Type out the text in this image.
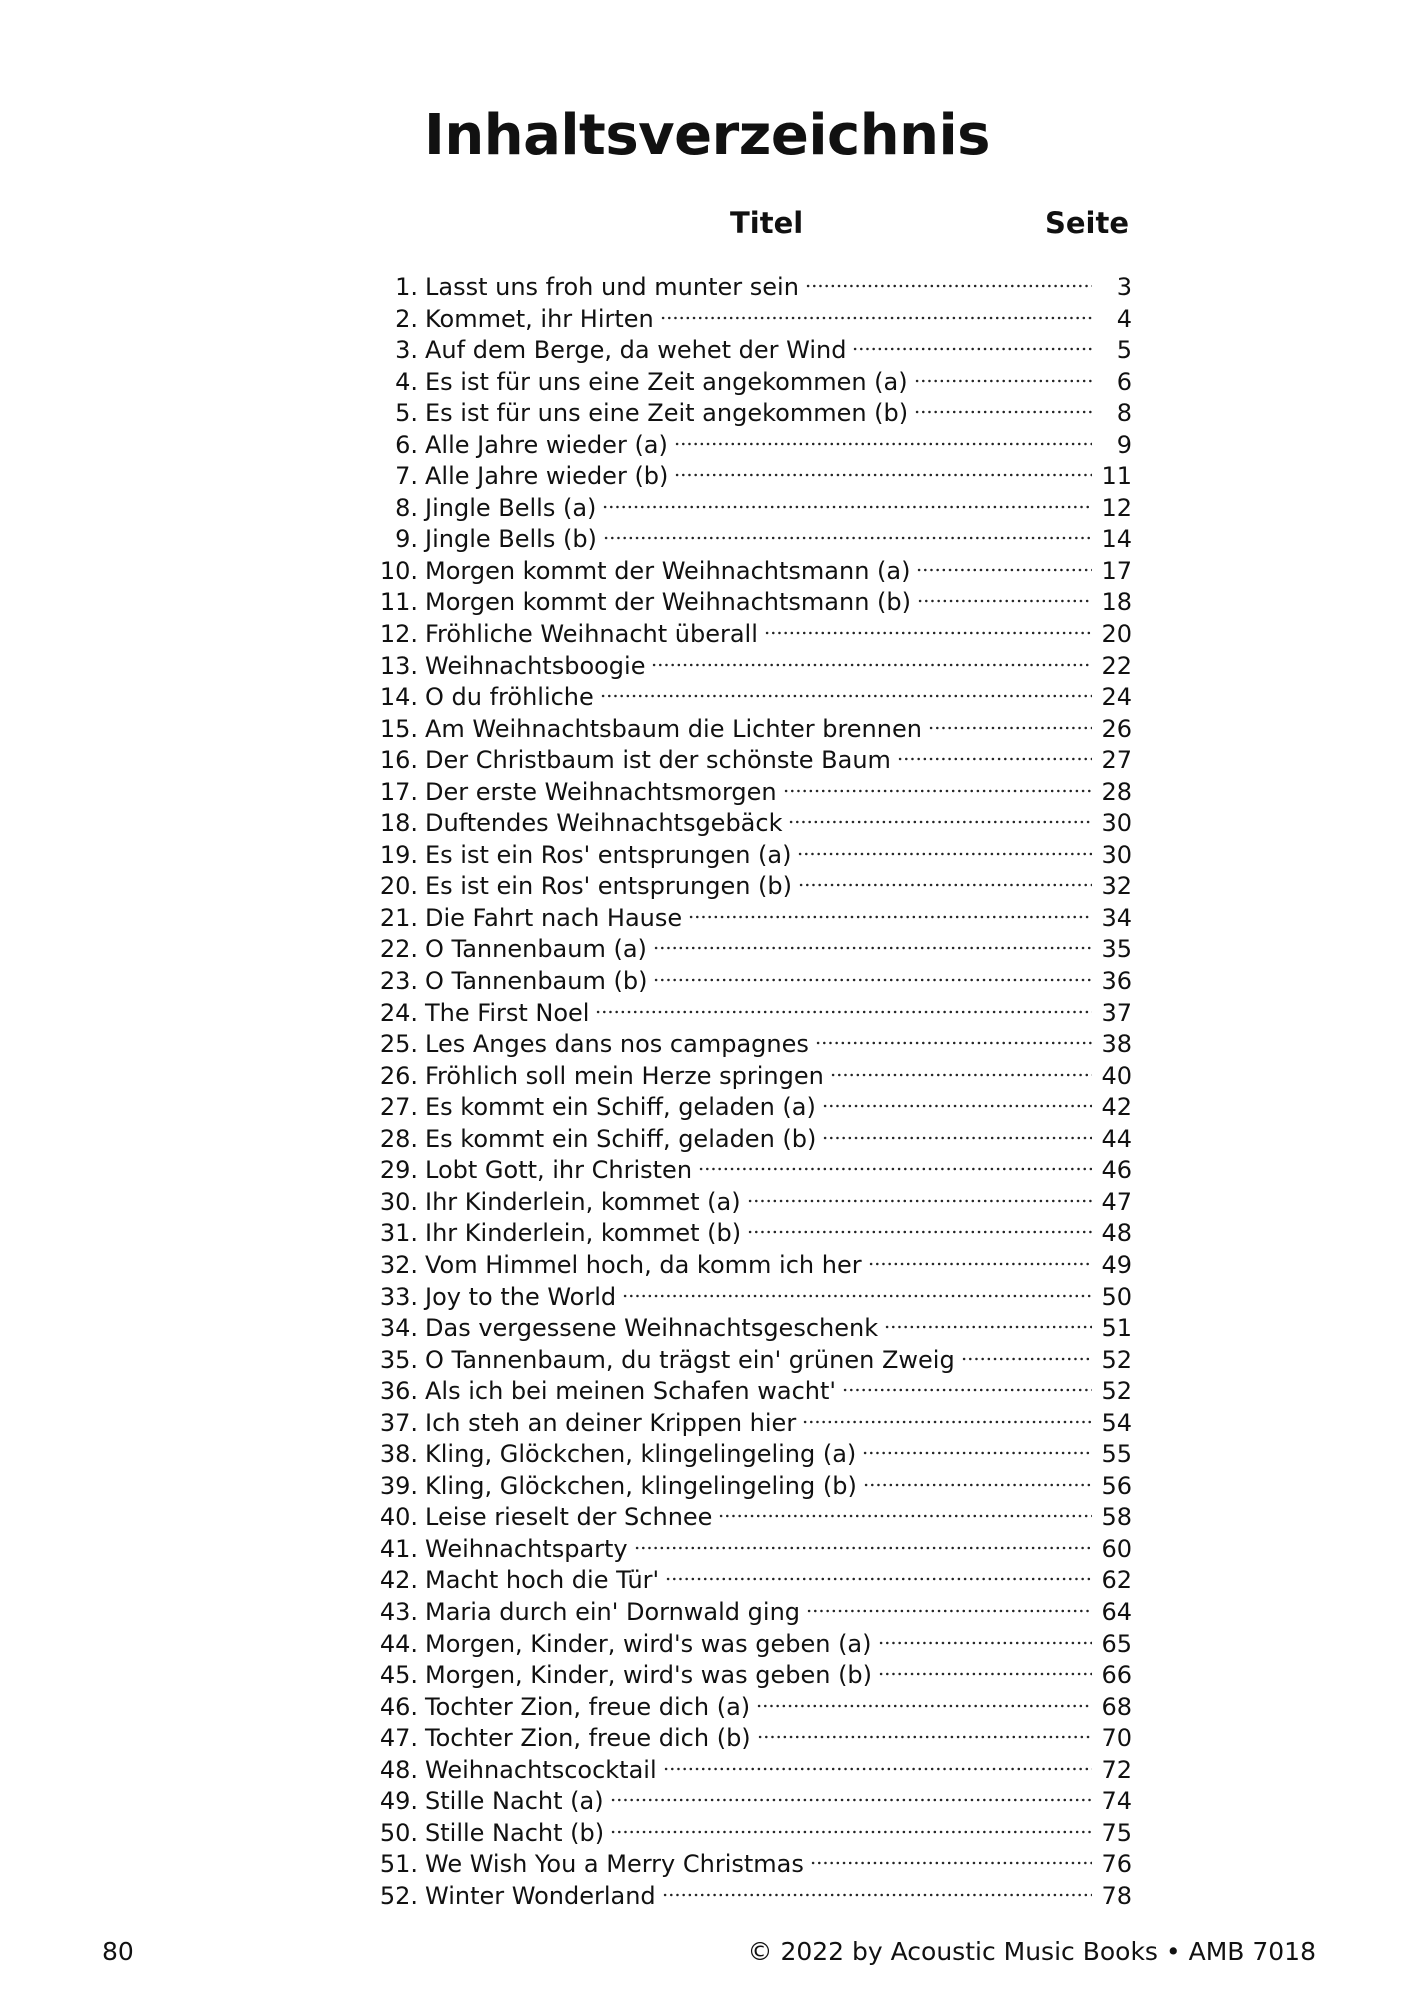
Inhaltsverzeichnis
Titel	Seite
1. Lasst uns froh und munter sein	3
2. Kommet, ihr Hirten	4
3. Auf dem Berge, da wehet der Wind	5
4. Es ist für uns eine Zeit angekommen (a)	6
5. Es ist für uns eine Zeit angekommen (b)	8
6. Alle Jahre wieder (a)	9
7. Alle Jahre wieder (b)	11
8. Jingle Bells (a)	12
9. Jingle Bells (b)	14
10. Morgen kommt der Weihnachtsmann (a)	17
11. Morgen kommt der Weihnachtsmann (b)	18
12. Fröhliche Weihnacht überall	20
13. Weihnachtsboogie	22
14. O du fröhliche	24
15. Am Weihnachtsbaum die Lichter brennen	26
16. Der Christbaum ist der schönste Baum	27
17. Der erste Weihnachtsmorgen	28
18. Duftendes Weihnachtsgebäck	30
19. Es ist ein Ros' entsprungen (a)	30
20. Es ist ein Ros' entsprungen (b)	32
21. Die Fahrt nach Hause	34
22. O Tannenbaum (a)	35
23. O Tannenbaum (b)	36
24. The First Noel	37
25. Les Anges dans nos campagnes	38
26. Fröhlich soll mein Herze springen	40
27. Es kommt ein Schiff, geladen (a)	42
28. Es kommt ein Schiff, geladen (b)	44
29. Lobt Gott, ihr Christen	46
30. Ihr Kinderlein, kommet (a)	47
31. Ihr Kinderlein, kommet (b)	48
32. Vom Himmel hoch, da komm ich her	49
33. Joy to the World	50
34. Das vergessene Weihnachtsgeschenk	51
35. O Tannenbaum, du trägst ein' grünen Zweig	52
36. Als ich bei meinen Schafen wacht'	52
37. Ich steh an deiner Krippen hier	54
38. Kling, Glöckchen, klingelingeling (a)	55
39. Kling, Glöckchen, klingelingeling (b)	56
40. Leise rieselt der Schnee	58
41. Weihnachtsparty	60
42. Macht hoch die Tür'	62
43. Maria durch ein' Dornwald ging	64
44. Morgen, Kinder, wird's was geben (a)	65
45. Morgen, Kinder, wird's was geben (b)	66
46. Tochter Zion, freue dich (a)	68
47. Tochter Zion, freue dich (b)	70
48. Weihnachtscocktail	72
49. Stille Nacht (a)	74
50. Stille Nacht (b)	75
51. We Wish You a Merry Christmas	76
52. Winter Wonderland	78
80	© 2022 by Acoustic Music Books • AMB 7018
